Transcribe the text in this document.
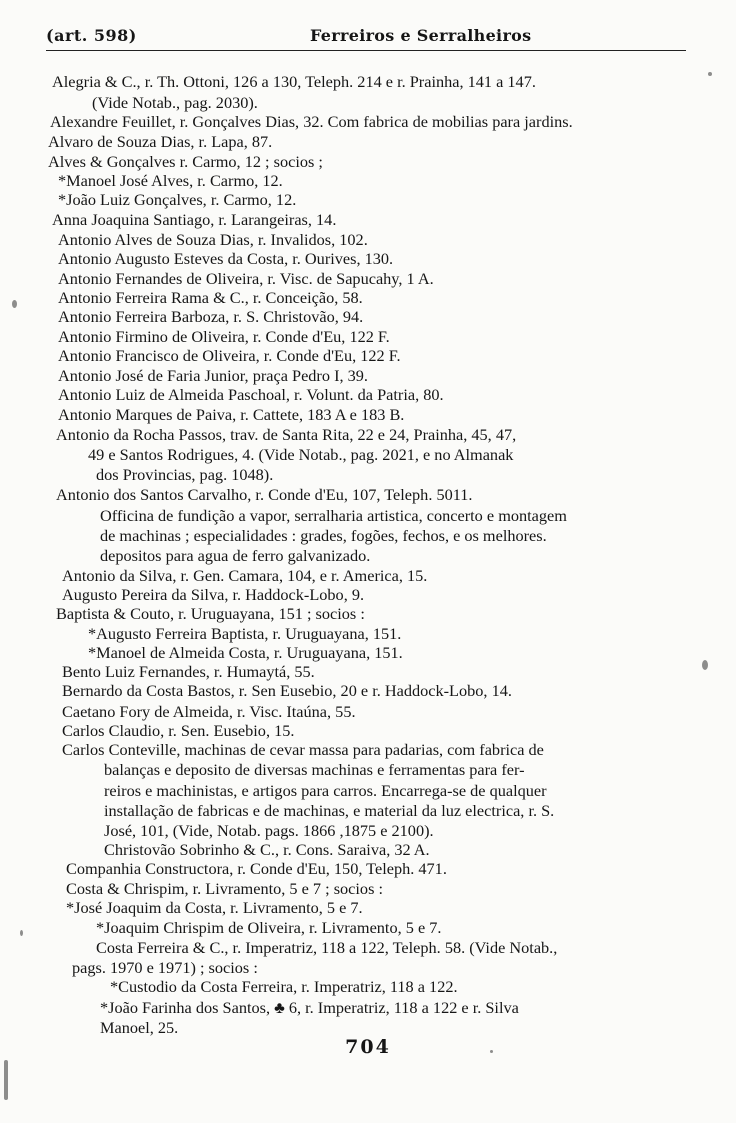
(art. 598)	Ferreiros e Serralheiros
Alegria & C., r. Th. Ottoni, 126 a 130, Teleph. 214 e r. Prainha, 141 a 147.
(Vide Notab., pag. 2030).
Alexandre Feuillet, r. Gonçalves Dias, 32. Com fabrica de mobilias para jardins.
Alvaro de Souza Dias, r. Lapa, 87.
Alves & Gonçalves r. Carmo, 12 ; socios ;
*Manoel José Alves, r. Carmo, 12.
*João Luiz Gonçalves, r. Carmo, 12.
Anna Joaquina Santiago, r. Larangeiras, 14.
Antonio Alves de Souza Dias, r. Invalidos, 102.
Antonio Augusto Esteves da Costa, r. Ourives, 130.
Antonio Fernandes de Oliveira, r. Visc. de Sapucahy, 1 A.
Antonio Ferreira Rama & C., r. Conceição, 58.
Antonio Ferreira Barboza, r. S. Christovão, 94.
Antonio Firmino de Oliveira, r. Conde d'Eu, 122 F.
Antonio Francisco de Oliveira, r. Conde d'Eu, 122 F.
Antonio José de Faria Junior, praça Pedro I, 39.
Antonio Luiz de Almeida Paschoal, r. Volunt. da Patria, 80.
Antonio Marques de Paiva, r. Cattete, 183 A e 183 B.
Antonio da Rocha Passos, trav. de Santa Rita, 22 e 24, Prainha, 45, 47,
49 e Santos Rodrigues, 4. (Vide Notab., pag. 2021, e no Almanak
dos Provincias, pag. 1048).
Antonio dos Santos Carvalho, r. Conde d'Eu, 107, Teleph. 5011.
Officina de fundição a vapor, serralharia artistica, concerto e montagem
de machinas ; especialidades : grades, fogões, fechos, e os melhores.
depositos para agua de ferro galvanizado.
Antonio da Silva, r. Gen. Camara, 104, e r. America, 15.
Augusto Pereira da Silva, r. Haddock-Lobo, 9.
Baptista & Couto, r. Uruguayana, 151 ; socios :
*Augusto Ferreira Baptista, r. Uruguayana, 151.
*Manoel de Almeida Costa, r. Uruguayana, 151.
Bento Luiz Fernandes, r. Humaytá, 55.
Bernardo da Costa Bastos, r. Sen Eusebio, 20 e r. Haddock-Lobo, 14.
Caetano Fory de Almeida, r. Visc. Itaúna, 55.
Carlos Claudio, r. Sen. Eusebio, 15.
Carlos Conteville, machinas de cevar massa para padarias, com fabrica de
balanças e deposito de diversas machinas e ferramentas para fer-
reiros e machinistas, e artigos para carros. Encarrega-se de qualquer
installação de fabricas e de machinas, e material da luz electrica, r. S.
José, 101, (Vide, Notab. pags. 1866 ,1875 e 2100).
Christovão Sobrinho & C., r. Cons. Saraiva, 32 A.
Companhia Constructora, r. Conde d'Eu, 150, Teleph. 471.
Costa & Chrispim, r. Livramento, 5 e 7 ; socios :
*José Joaquim da Costa, r. Livramento, 5 e 7.
*Joaquim Chrispim de Oliveira, r. Livramento, 5 e 7.
Costa Ferreira & C., r. Imperatriz, 118 a 122, Teleph. 58. (Vide Notab.,
pags. 1970 e 1971) ; socios :
*Custodio da Costa Ferreira, r. Imperatriz, 118 a 122.
*João Farinha dos Santos, ♣ 6, r. Imperatriz, 118 a 122 e r. Silva
Manoel, 25.
704
